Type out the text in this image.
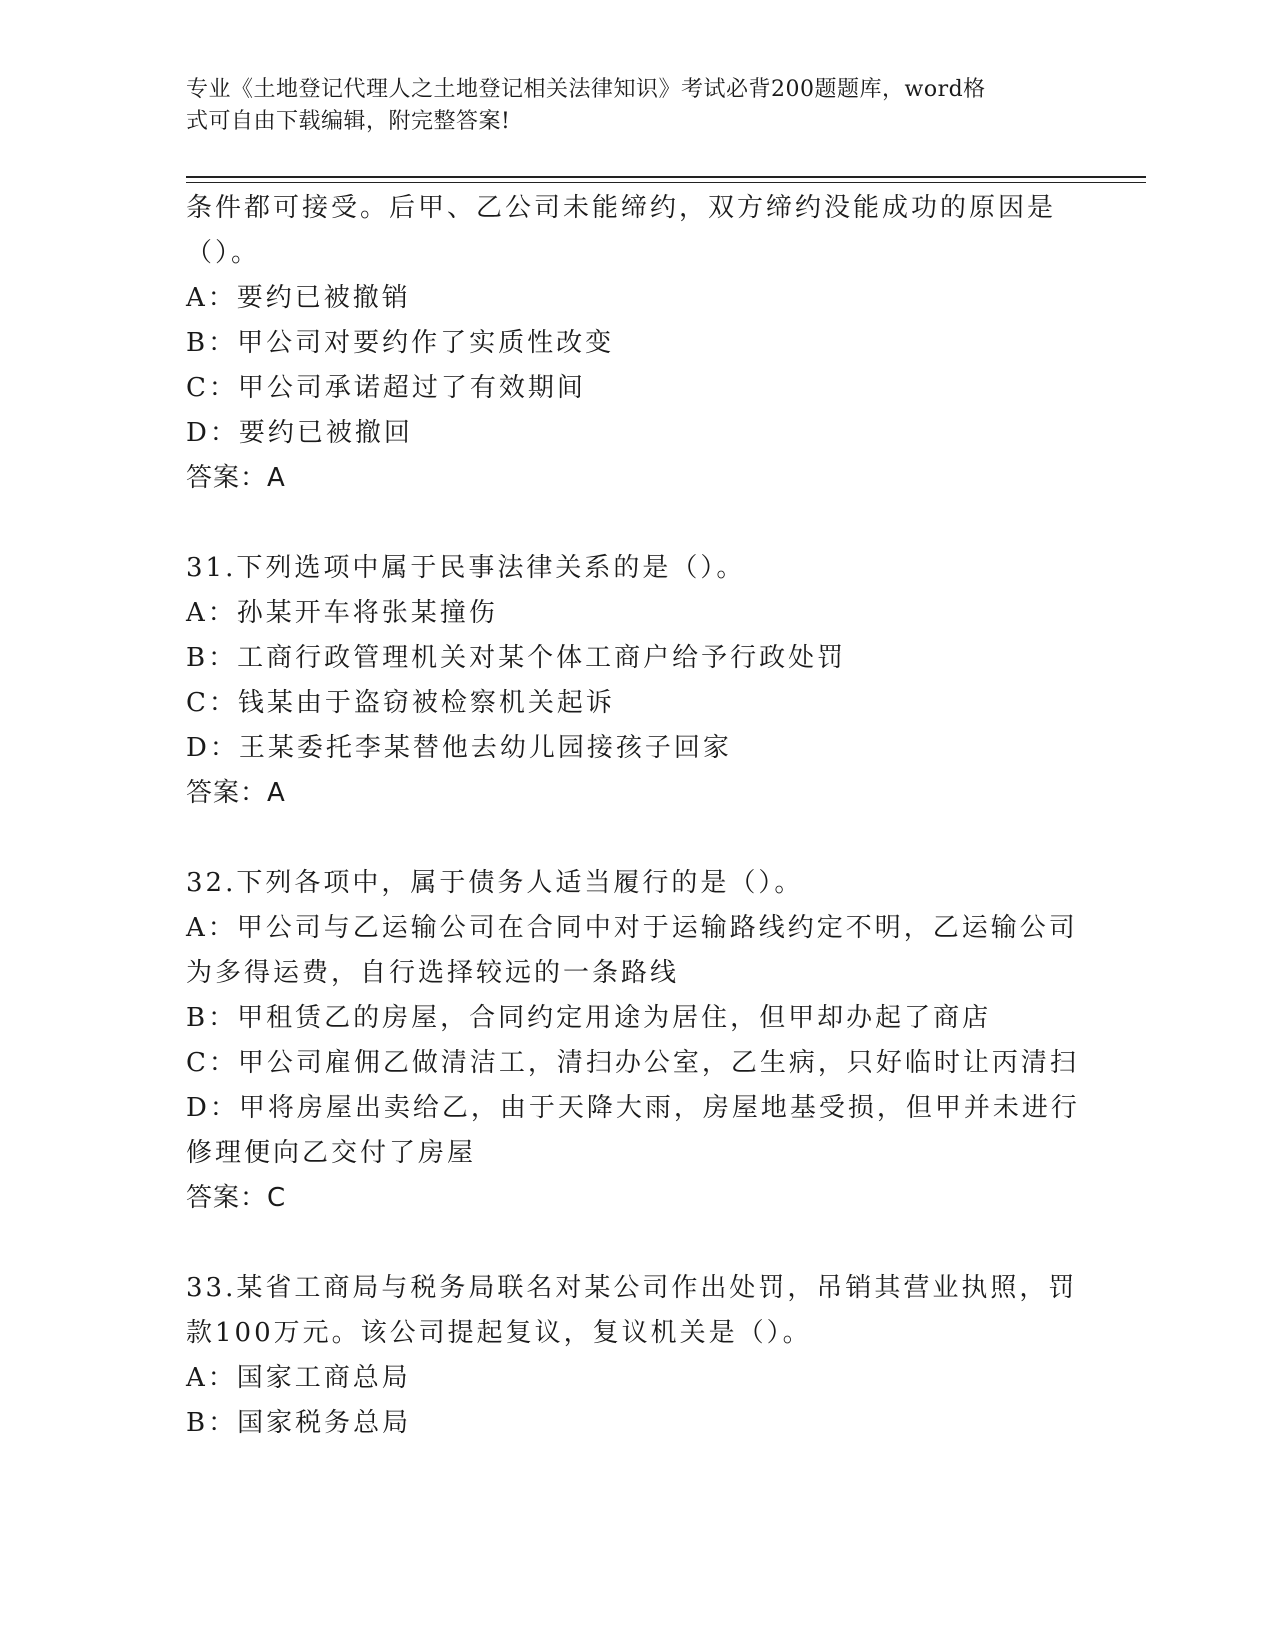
专业《土地登记代理人之土地登记相关法律知识》考试必背200题题库，word格
式可自由下载编辑，附完整答案!
条件都可接受。后甲、乙公司未能缔约，双方缔约没能成功的原因是
（）。
A：要约已被撤销
B：甲公司对要约作了实质性改变
C：甲公司承诺超过了有效期间
D：要约已被撤回
答案：A
31.下列选项中属于民事法律关系的是（）。
A：孙某开车将张某撞伤
B：工商行政管理机关对某个体工商户给予行政处罚
C：钱某由于盗窃被检察机关起诉
D：王某委托李某替他去幼儿园接孩子回家
答案：A
32.下列各项中，属于债务人适当履行的是（）。
A：甲公司与乙运输公司在合同中对于运输路线约定不明，乙运输公司
为多得运费，自行选择较远的一条路线
B：甲租赁乙的房屋，合同约定用途为居住，但甲却办起了商店
C：甲公司雇佣乙做清洁工，清扫办公室，乙生病，只好临时让丙清扫
D：甲将房屋出卖给乙，由于天降大雨，房屋地基受损，但甲并未进行
修理便向乙交付了房屋
答案：C
33.某省工商局与税务局联名对某公司作出处罚，吊销其营业执照，罚
款100万元。该公司提起复议，复议机关是（）。
A：国家工商总局
B：国家税务总局
